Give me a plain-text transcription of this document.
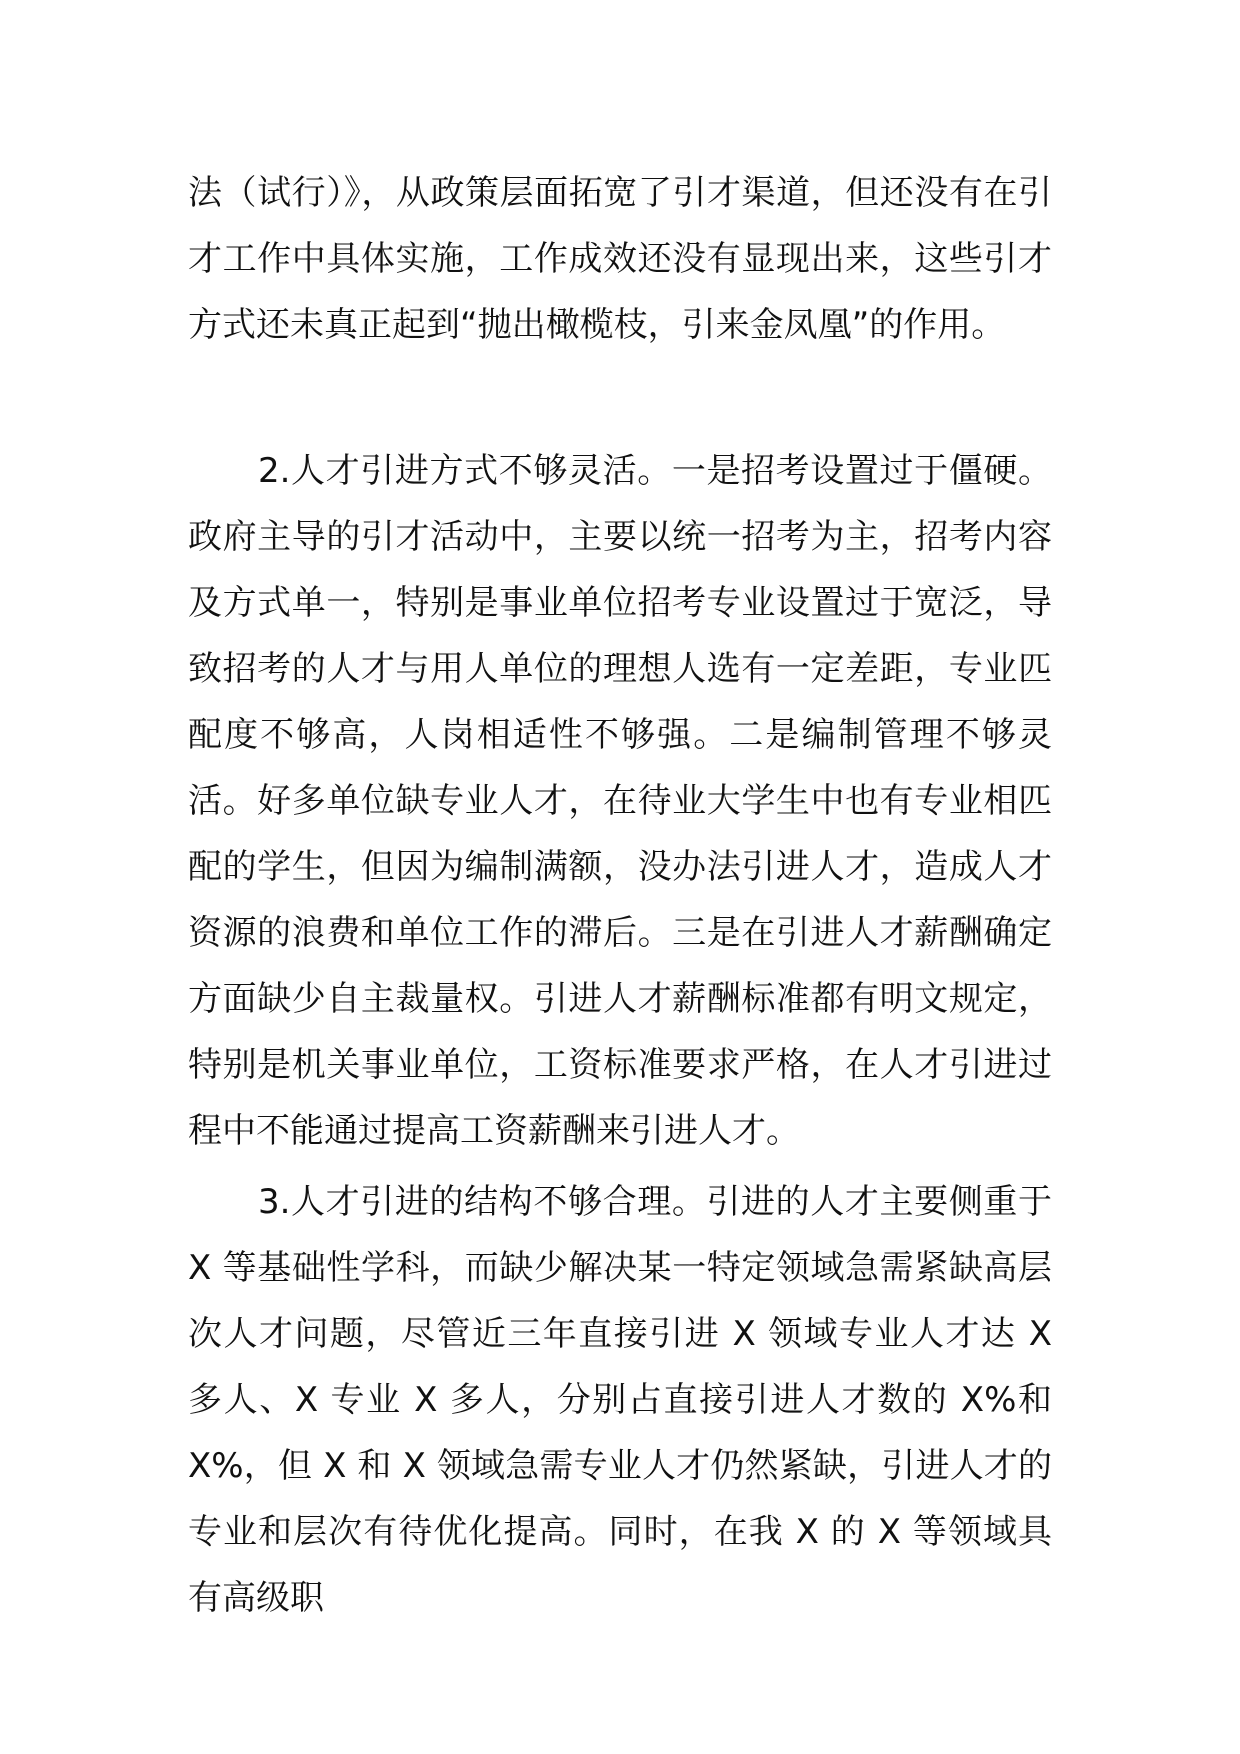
法（试行）》，从政策层面拓宽了引才渠道，但还没有在引才工作中具体实施，工作成效还没有显现出来，这些引才方式还未真正起到“抛出橄榄枝，引来金凤凰”的作用。

2.人才引进方式不够灵活。一是招考设置过于僵硬。政府主导的引才活动中，主要以统一招考为主，招考内容及方式单一，特别是事业单位招考专业设置过于宽泛，导致招考的人才与用人单位的理想人选有一定差距，专业匹配度不够高，人岗相适性不够强。二是编制管理不够灵活。好多单位缺专业人才，在待业大学生中也有专业相匹配的学生，但因为编制满额，没办法引进人才，造成人才资源的浪费和单位工作的滞后。三是在引进人才薪酬确定方面缺少自主裁量权。引进人才薪酬标准都有明文规定，特别是机关事业单位，工资标准要求严格，在人才引进过程中不能通过提高工资薪酬来引进人才。

3.人才引进的结构不够合理。引进的人才主要侧重于 X 等基础性学科，而缺少解决某一特定领域急需紧缺高层次人才问题，尽管近三年直接引进 X 领域专业人才达 X 多人、X 专业 X 多人，分别占直接引进人才数的 X%和 X%，但 X 和 X 领域急需专业人才仍然紧缺，引进人才的专业和层次有待优化提高。同时，在我 X 的 X 等领域具有高级职
